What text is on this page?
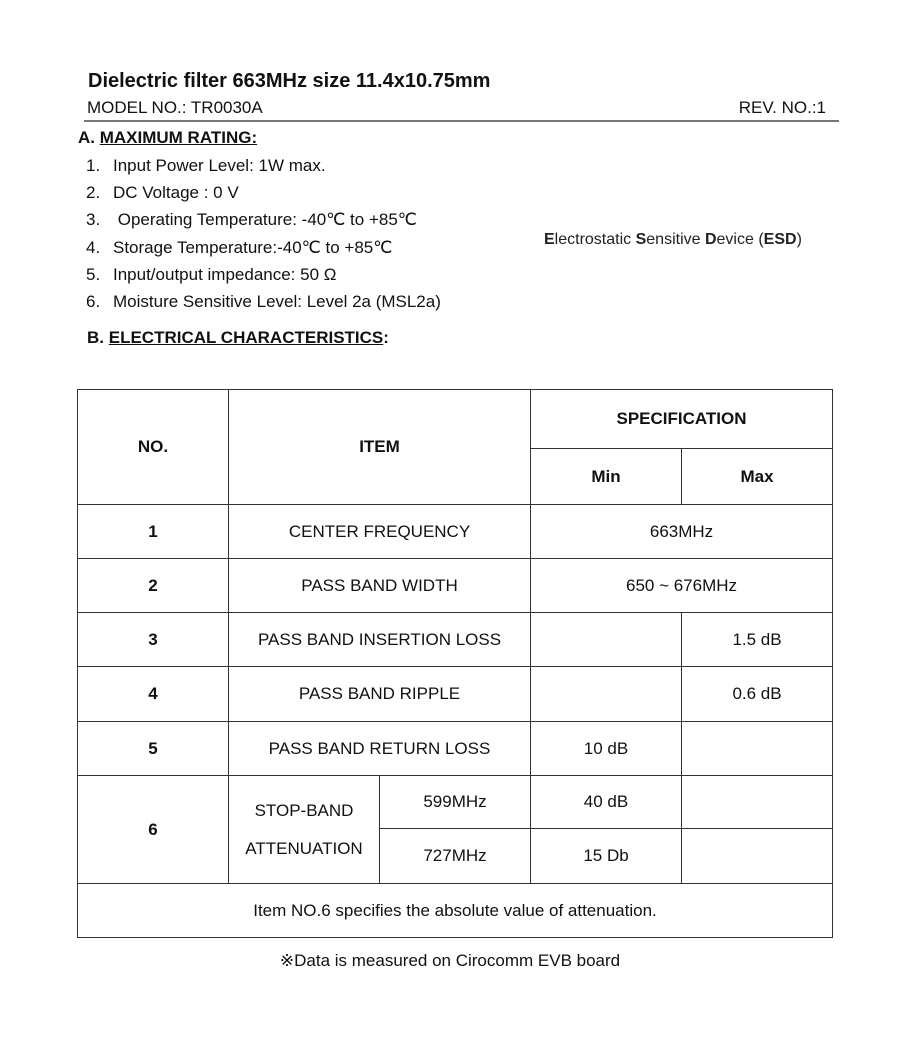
Dielectric filter 663MHz size 11.4x10.75mm
MODEL NO.: TR0030A	REV. NO.:1
A. MAXIMUM RATING:
1. Input Power Level: 1W max.
2. DC Voltage : 0 V
3. Operating Temperature: -40℃ to +85℃
4. Storage Temperature:-40℃ to +85℃
5. Input/output impedance: 50 Ω
6. Moisture Sensitive Level: Level 2a (MSL2a)
Electrostatic Sensitive Device (ESD)
B. ELECTRICAL CHARACTERISTICS:
NO.	ITEM		SPECIFICATION	
			Min	Max
1	CENTER FREQUENCY		663MHz	
2	PASS BAND WIDTH		650 ~ 676MHz	
3	PASS BAND INSERTION LOSS			1.5 dB
4	PASS BAND RIPPLE			0.6 dB
5	PASS BAND RETURN LOSS		10 dB	
6	STOP-BAND
ATTENUATION	599MHz	40 dB	
		727MHz	15 Db	
Item NO.6 specifies the absolute value of attenuation.				
※Data is measured on Cirocomm EVB board
